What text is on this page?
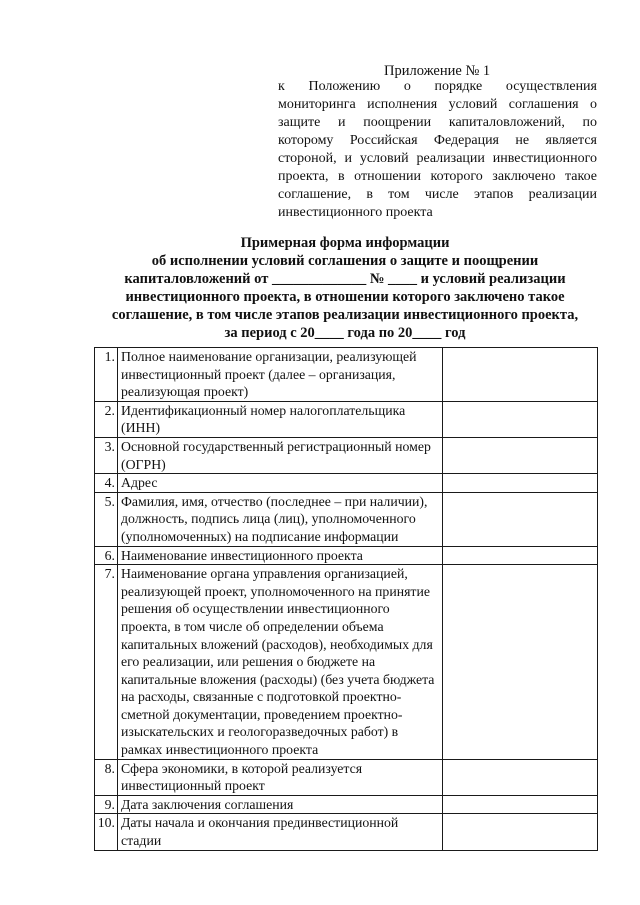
Приложение № 1
к Положению о порядке осуществления мониторинга исполнения условий соглашения о защите и поощрении капиталовложений, по которому Российская Федерация не является стороной, и условий реализации инвестиционного проекта, в отношении которого заключено такое соглашение, в том числе этапов реализации инвестиционного проекта
Примерная форма информации
об исполнении условий соглашения о защите и поощрении
капиталовложений от _____________ № ____ и условий реализации
инвестиционного проекта, в отношении которого заключено такое
соглашение, в том числе этапов реализации инвестиционного проекта,
за период с 20____ года по 20____ год
1.	Полное наименование организации, реализующей инвестиционный проект (далее – организация, реализующая проект)	
2.	Идентификационный номер налогоплательщика (ИНН)	
3.	Основной государственный регистрационный номер (ОГРН)	
4.	Адрес	
5.	Фамилия, имя, отчество (последнее – при наличии), должность, подпись лица (лиц), уполномоченного (уполномоченных) на подписание информации	
6.	Наименование инвестиционного проекта	
7.	Наименование органа управления организацией, реализующей проект, уполномоченного на принятие решения об осуществлении инвестиционного проекта, в том числе об определении объема капитальных вложений (расходов), необходимых для его реализации, или решения о бюджете на капитальные вложения (расходы) (без учета бюджета на расходы, связанные с подготовкой проектно-сметной документации, проведением проектно-изыскательских и геологоразведочных работ) в рамках инвестиционного проекта	
8.	Сфера экономики, в которой реализуется инвестиционный проект	
9.	Дата заключения соглашения	
10.	Даты начала и окончания прединвестиционной стадии	
